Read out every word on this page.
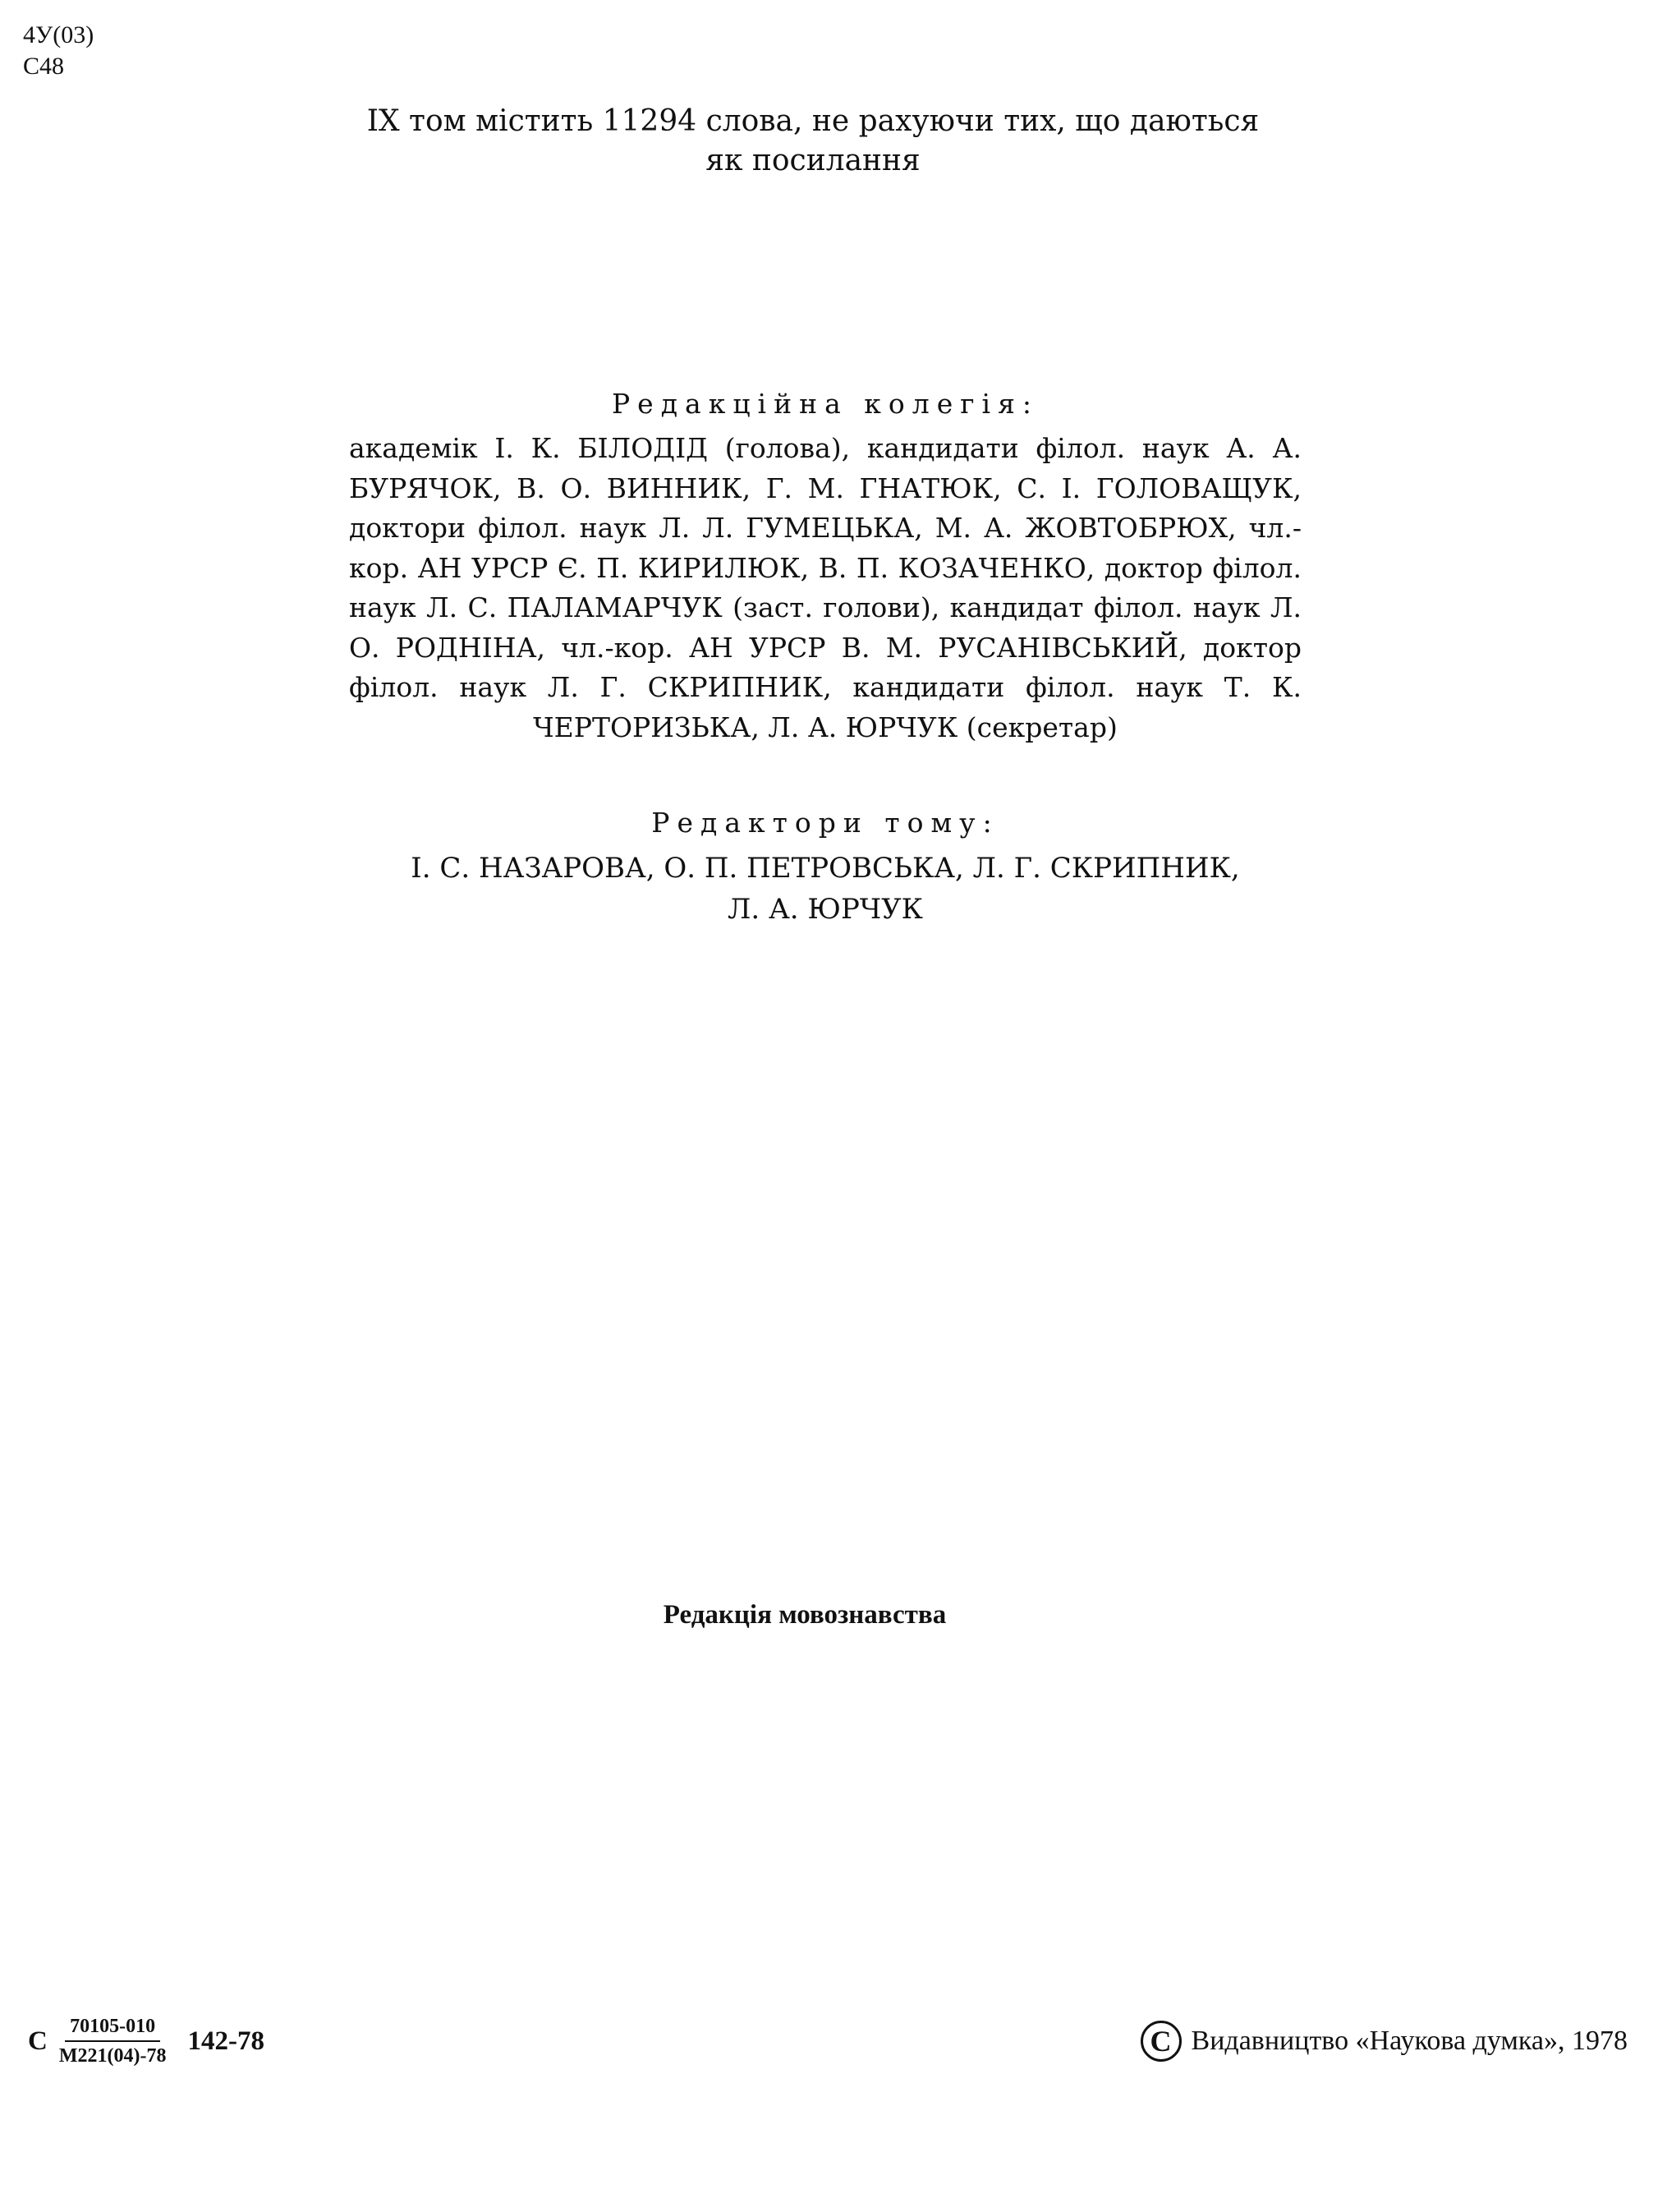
4У(03)
С48
IX том містить 11294 слова, не рахуючи тих, що даються
як посилання
Редакційна колегія:
академік І. К. БІЛОДІД (голова), кандидати філол. наук А. А. БУРЯЧОК, В. О. ВИННИК, Г. М. ГНАТЮК, С. І. ГОЛОВАЩУК, доктори філол. наук Л. Л. ГУМЕЦЬКА, М. А. ЖОВТОБРЮХ, чл.-кор. АН УРСР Є. П. КИРИЛЮК, В. П. КОЗАЧЕНКО, доктор філол. наук Л. С. ПАЛАМАРЧУК (заст. голови), кандидат філол. наук Л. О. РОДНІНА, чл.-кор. АН УРСР В. М. РУСАНІВСЬКИЙ, доктор філол. наук Л. Г. СКРИПНИК, кандидати філол. наук Т. К. ЧЕРТОРИЗЬКА, Л. А. ЮРЧУК (секретар)
Редактори тому:
І. С. НАЗАРОВА, О. П. ПЕТРОВСЬКА, Л. Г. СКРИПНИК,
Л. А. ЮРЧУК
Редакція мовознавства
С $\frac{70105-010}{М221(04)-78} 142-78$	C Видавництво «Наукова думка», 1978
